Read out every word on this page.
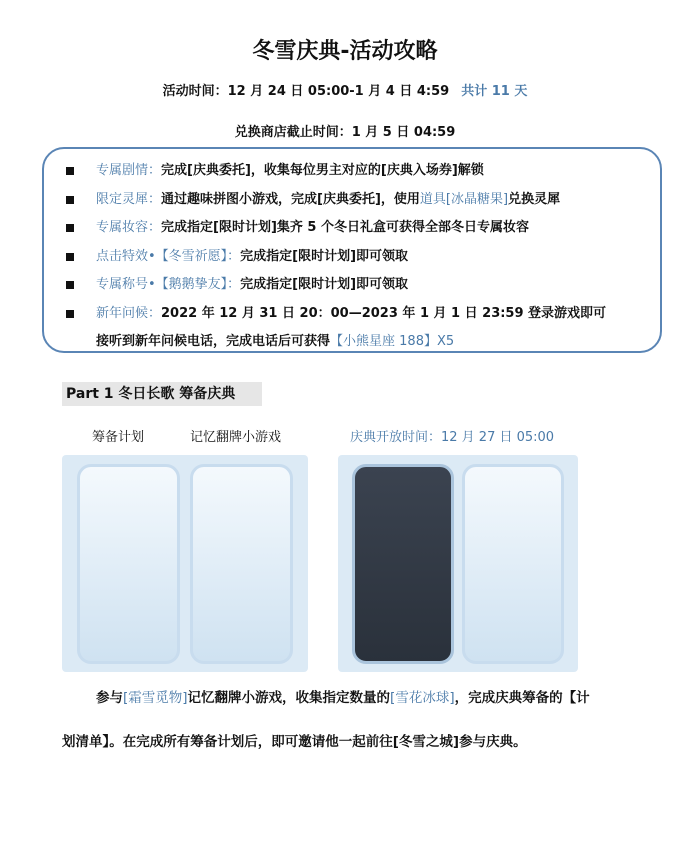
冬雪庆典-活动攻略
活动时间：12 月 24 日 05:00-1 月 4 日 4:59 共计 11 天
兑换商店截止时间：1 月 5 日 04:59
专属剧情： 完成[庆典委托]，收集每位男主对应的[庆典入场券]解锁
限定灵犀： 通过趣味拼图小游戏，完成[庆典委托]，使用 道具[冰晶糖果] 兑换灵犀
专属妆容： 完成指定[限时计划]集齐 5 个冬日礼盒可获得全部冬日专属妆容
点击特效•【冬雪祈愿】： 完成指定[限时计划]即可领取
专属称号•【鹅鹅挚友】： 完成指定[限时计划]即可领取
新年问候： 2022 年 12 月 31 日 20：00—2023 年 1 月 1 日 23:59 登录游戏即可
接听到新年问候电话，完成电话后可获得【小熊星座 188】X5
Part 1 冬日长歌 筹备庆典
筹备计划	记忆翻牌小游戏	庆典开放时间：12 月 27 日 05:00
参与[霜雪觅物]记忆翻牌小游戏，收集指定数量的[雪花冰球]，完成庆典筹备的【计
划清单】。在完成所有筹备计划后，即可邀请他一起前往[冬雪之城]参与庆典。
